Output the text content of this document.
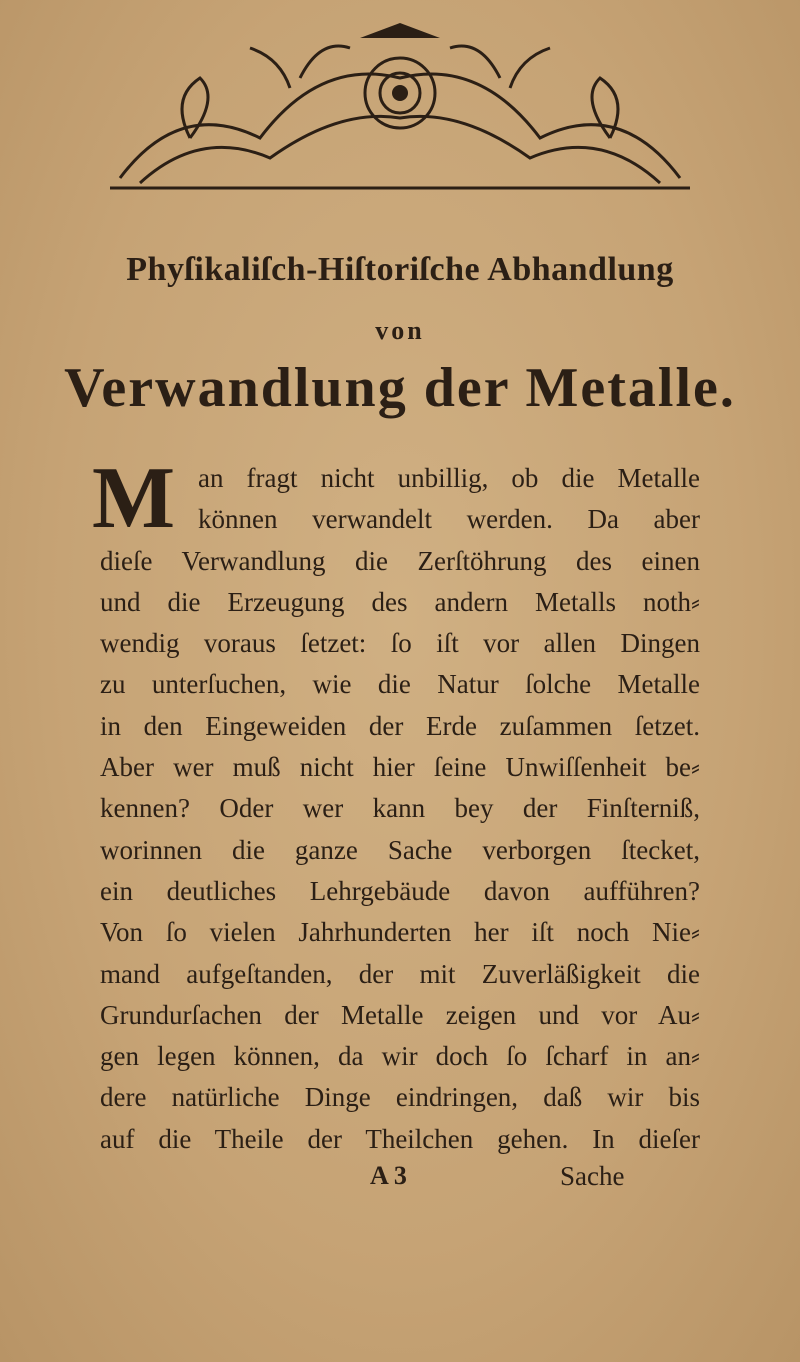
Phyſikaliſch-Hiſtoriſche Abhandlung
von
Verwandlung der Metalle.
M an fragt nicht unbillig, ob die Metalle
können verwandelt werden. Da aber
dieſe Verwandlung die Zerſtöhrung des einen
und die Erzeugung des andern Metalls noth⸗
wendig voraus ſetzet: ſo iſt vor allen Dingen
zu unterſuchen, wie die Natur ſolche Metalle
in den Eingeweiden der Erde zuſammen ſetzet.
Aber wer muß nicht hier ſeine Unwiſſenheit be⸗
kennen? Oder wer kann bey der Finſterniß,
worinnen die ganze Sache verborgen ſtecket,
ein deutliches Lehrgebäude davon aufführen?
Von ſo vielen Jahrhunderten her iſt noch Nie⸗
mand aufgeſtanden, der mit Zuverläßigkeit die
Grundurſachen der Metalle zeigen und vor Au⸗
gen legen können, da wir doch ſo ſcharf in an⸗
dere natürliche Dinge eindringen, daß wir bis
auf die Theile der Theilchen gehen. In dieſer
A 3	Sache
